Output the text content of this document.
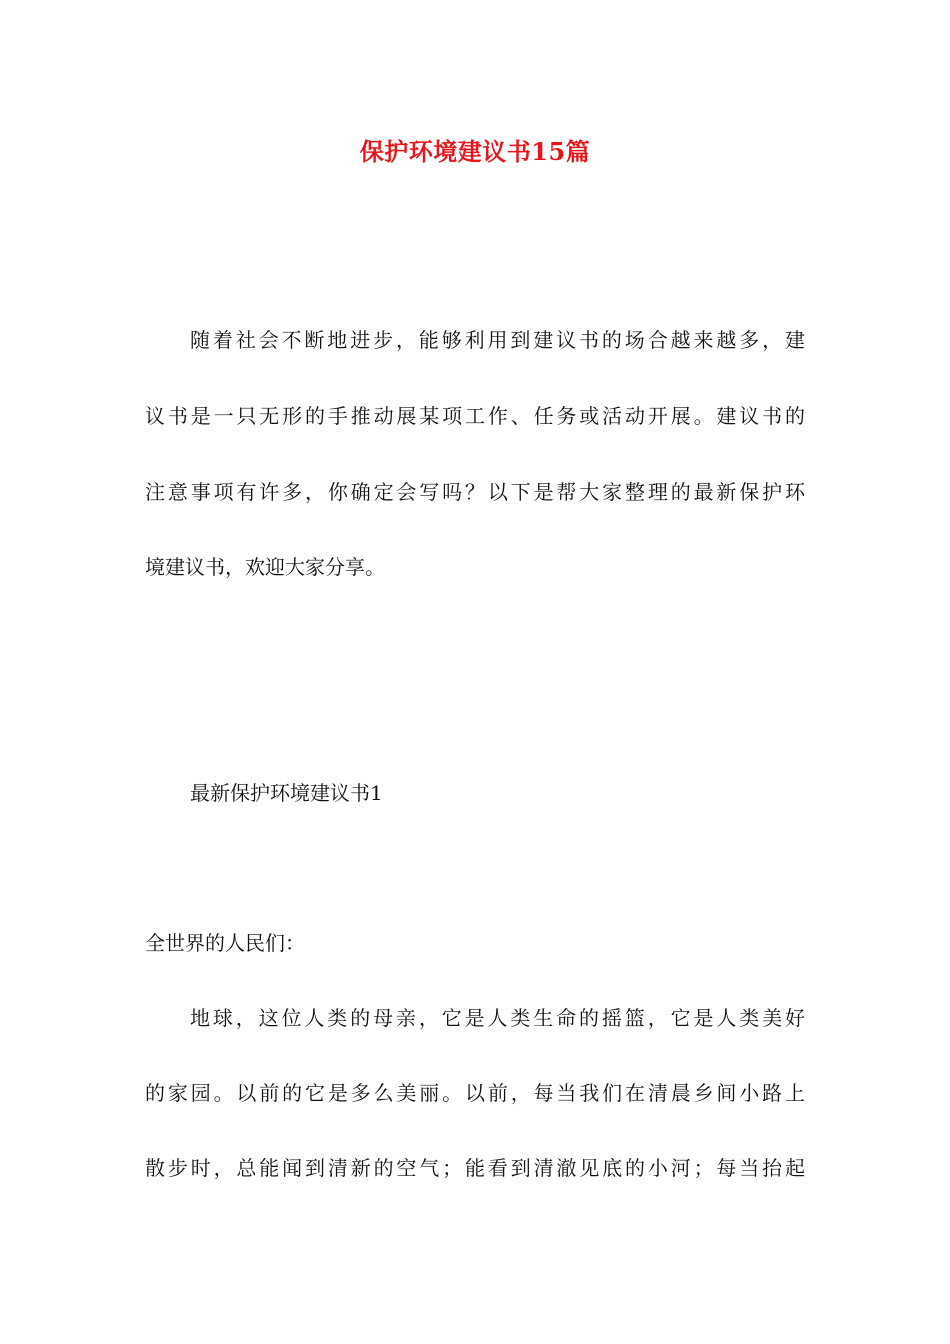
保护环境建议书15篇
随着社会不断地进步，能够利用到建议书的场合越来越多，建
议书是一只无形的手推动展某项工作、任务或活动开展。建议书的
注意事项有许多，你确定会写吗？以下是帮大家整理的最新保护环
境建议书，欢迎大家分享。
最新保护环境建议书1
全世界的人民们：
地球，这位人类的母亲，它是人类生命的摇篮，它是人类美好
的家园。以前的它是多么美丽。以前，每当我们在清晨乡间小路上
散步时，总能闻到清新的空气；能看到清澈见底的小河；每当抬起
